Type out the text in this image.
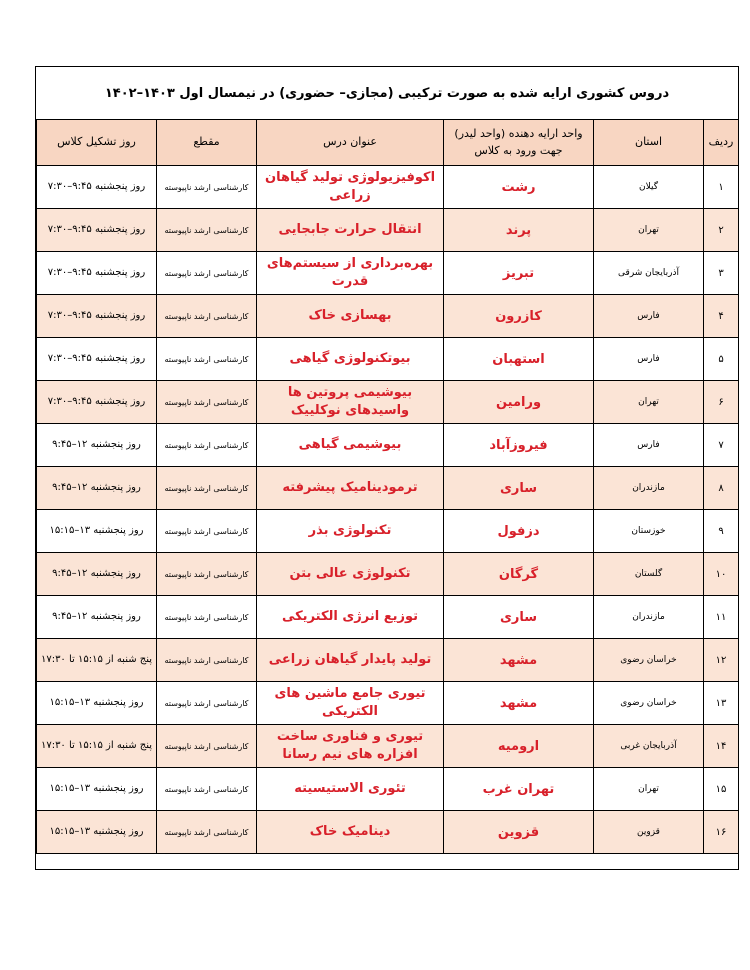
دروس کشوری ارایه شده به صورت ترکیبی (مجازی– حضوری) در نیمسال اول ۱۴۰۳–۱۴۰۲
ردیف	استان	واحد ارایه دهنده (واحد لیدر) جهت ورود به کلاس	عنوان درس	مقطع	روز تشکیل کلاس
۱	گیلان	رشت	اکوفیزیولوژی تولید گیاهان زراعی	کارشناسی ارشد ناپیوسته	روز پنجشنبه ۹:۴۵–۷:۳۰
۲	تهران	پرند	انتقال حرارت جابجایی	کارشناسی ارشد ناپیوسته	روز پنجشنبه ۹:۴۵–۷:۳۰
۳	آذربایجان شرقی	تبریز	بهره‌برداری از سیستم‌های قدرت	کارشناسی ارشد ناپیوسته	روز پنجشنبه ۹:۴۵–۷:۳۰
۴	فارس	کازرون	بهسازی خاک	کارشناسی ارشد ناپیوسته	روز پنجشنبه ۹:۴۵–۷:۳۰
۵	فارس	استهبان	بیوتکنولوژی گیاهی	کارشناسی ارشد ناپیوسته	روز پنجشنبه ۹:۴۵–۷:۳۰
۶	تهران	ورامین	بیوشیمی پروتین ها واسیدهای نوکلییک	کارشناسی ارشد ناپیوسته	روز پنجشنبه ۹:۴۵–۷:۳۰
۷	فارس	فیروزآباد	بیوشیمی گیاهی	کارشناسی ارشد ناپیوسته	روز پنجشنبه ۱۲–۹:۴۵
۸	مازندران	ساری	ترمودینامیک پیشرفته	کارشناسی ارشد ناپیوسته	روز پنجشنبه ۱۲–۹:۴۵
۹	خوزستان	دزفول	تکنولوژی بذر	کارشناسی ارشد ناپیوسته	روز پنجشنبه ۱۳–۱۵:۱۵
۱۰	گلستان	گرگان	تکنولوژی عالی بتن	کارشناسی ارشد ناپیوسته	روز پنجشنبه ۱۲–۹:۴۵
۱۱	مازندران	ساری	توزیع انرژی الکتریکی	کارشناسی ارشد ناپیوسته	روز پنجشنبه ۱۲–۹:۴۵
۱۲	خراسان رضوی	مشهد	تولید پایدار گیاهان زراعی	کارشناسی ارشد ناپیوسته	پنج شنبه از ۱۵:۱۵ تا ۱۷:۳۰
۱۳	خراسان رضوی	مشهد	تیوری جامع ماشین های الکتریکی	کارشناسی ارشد ناپیوسته	روز پنجشنبه ۱۳–۱۵:۱۵
۱۴	آذربایجان غربی	ارومیه	تیوری و فناوری ساخت افزاره های نیم رسانا	کارشناسی ارشد ناپیوسته	پنج شنبه از ۱۵:۱۵ تا ۱۷:۳۰
۱۵	تهران	تهران غرب	تئوری الاستیسیته	کارشناسی ارشد ناپیوسته	روز پنجشنبه ۱۳–۱۵:۱۵
۱۶	قزوین	قزوین	دینامیک خاک	کارشناسی ارشد ناپیوسته	روز پنجشنبه ۱۳–۱۵:۱۵
